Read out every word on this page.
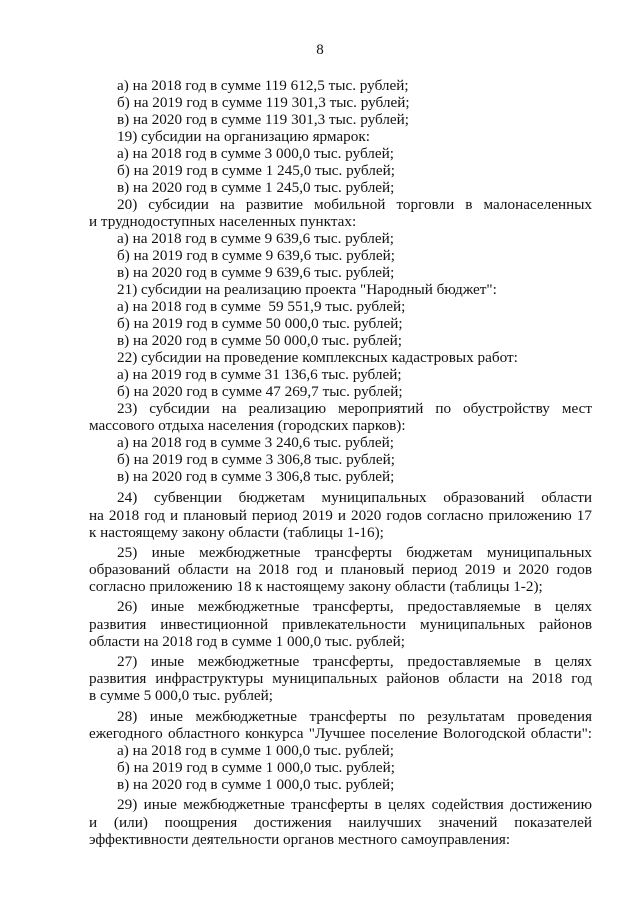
8
а) на 2018 год в сумме 119 612,5 тыс. рублей;
б) на 2019 год в сумме 119 301,3 тыс. рублей;
в) на 2020 год в сумме 119 301,3 тыс. рублей;
19) субсидии на организацию ярмарок:
а) на 2018 год в сумме 3 000,0 тыс. рублей;
б) на 2019 год в сумме 1 245,0 тыс. рублей;
в) на 2020 год в сумме 1 245,0 тыс. рублей;
20) субсидии на развитие мобильной торговли в малонаселенных
и труднодоступных населенных пунктах:
а) на 2018 год в сумме 9 639,6 тыс. рублей;
б) на 2019 год в сумме 9 639,6 тыс. рублей;
в) на 2020 год в сумме 9 639,6 тыс. рублей;
21) субсидии на реализацию проекта "Народный бюджет":
а) на 2018 год в сумме  59 551,9 тыс. рублей;
б) на 2019 год в сумме 50 000,0 тыс. рублей;
в) на 2020 год в сумме 50 000,0 тыс. рублей;
22) субсидии на проведение комплексных кадастровых работ:
а) на 2019 год в сумме 31 136,6 тыс. рублей;
б) на 2020 год в сумме 47 269,7 тыс. рублей;
23) субсидии на реализацию мероприятий по обустройству мест
массового отдыха населения (городских парков):
а) на 2018 год в сумме 3 240,6 тыс. рублей;
б) на 2019 год в сумме 3 306,8 тыс. рублей;
в) на 2020 год в сумме 3 306,8 тыс. рублей;
24) субвенции бюджетам муниципальных образований области
на 2018 год и плановый период 2019 и 2020 годов согласно приложению 17
к настоящему закону области (таблицы 1-16);
25) иные межбюджетные трансферты бюджетам муниципальных
образований области на 2018 год и плановый период 2019 и 2020 годов
согласно приложению 18 к настоящему закону области (таблицы 1-2);
26) иные межбюджетные трансферты, предоставляемые в целях
развития инвестиционной привлекательности муниципальных районов
области на 2018 год в сумме 1 000,0 тыс. рублей;
27) иные межбюджетные трансферты, предоставляемые в целях
развития инфраструктуры муниципальных районов области на 2018 год
в сумме 5 000,0 тыс. рублей;
28) иные межбюджетные трансферты по результатам проведения
ежегодного областного конкурса "Лучшее поселение Вологодской области":
а) на 2018 год в сумме 1 000,0 тыс. рублей;
б) на 2019 год в сумме 1 000,0 тыс. рублей;
в) на 2020 год в сумме 1 000,0 тыс. рублей;
29) иные межбюджетные трансферты в целях содействия достижению
и (или) поощрения достижения наилучших значений показателей
эффективности деятельности органов местного самоуправления:
